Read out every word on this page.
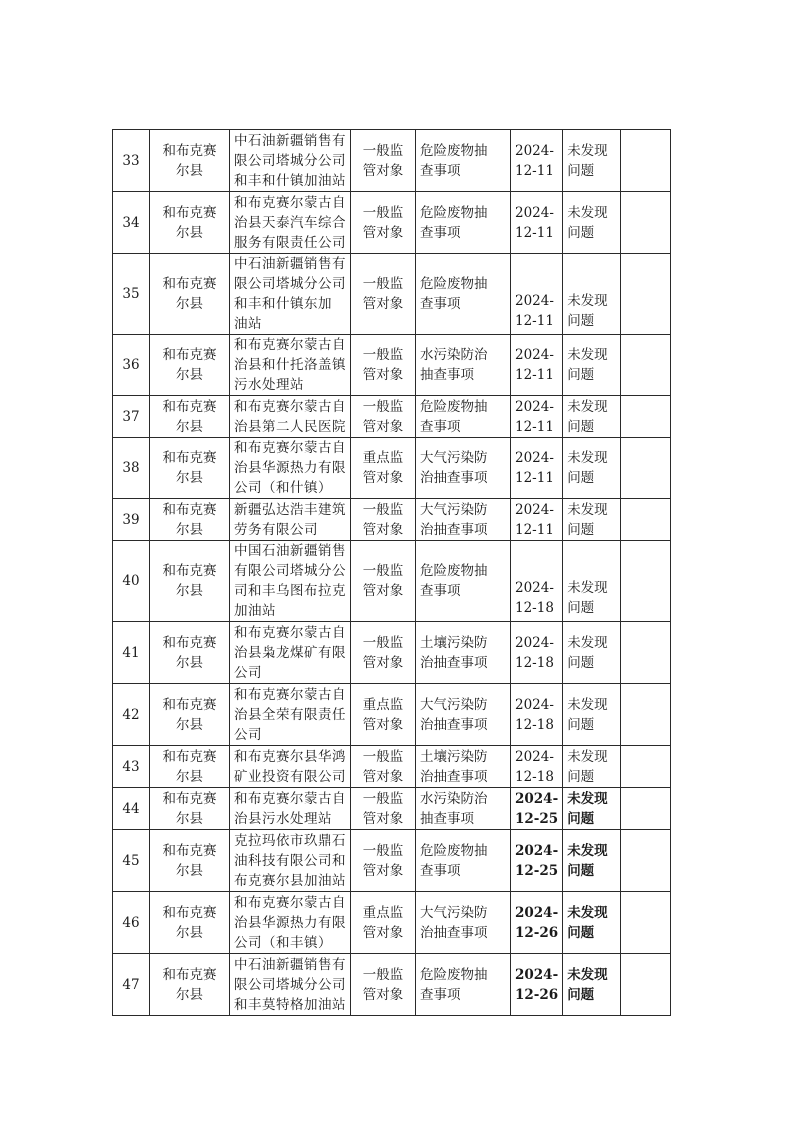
33	和布克赛
尔县	中石油新疆销售有
限公司塔城分公司
和丰和什镇加油站	一般监
管对象	危险废物抽
查事项	2024-
12-11	未发现
问题	

34	和布克赛
尔县	和布克赛尔蒙古自
治县天泰汽车综合
服务有限责任公司	一般监
管对象	危险废物抽
查事项	2024-
12-11	未发现
问题	

35	和布克赛
尔县	中石油新疆销售有
限公司塔城分公司
和丰和什镇东加
油站	一般监
管对象	危险废物抽
查事项	2024-
12-11	未发现
问题	

36	和布克赛
尔县	和布克赛尔蒙古自
治县和什托洛盖镇
污水处理站	一般监
管对象	水污染防治
抽查事项	2024-
12-11	未发现
问题	

37	和布克赛
尔县	和布克赛尔蒙古自
治县第二人民医院	一般监
管对象	危险废物抽
查事项	2024-
12-11	未发现
问题	

38	和布克赛
尔县	和布克赛尔蒙古自
治县华源热力有限
公司（和什镇）	重点监
管对象	大气污染防
治抽查事项	2024-
12-11	未发现
问题	

39	和布克赛
尔县	新疆弘达浩丰建筑
劳务有限公司	一般监
管对象	大气污染防
治抽查事项	2024-
12-11	未发现
问题	

40	和布克赛
尔县	中国石油新疆销售
有限公司塔城分公
司和丰乌图布拉克
加油站	一般监
管对象	危险废物抽
查事项	2024-
12-18	未发现
问题	

41	和布克赛
尔县	和布克赛尔蒙古自
治县枭龙煤矿有限
公司	一般监
管对象	土壤污染防
治抽查事项	2024-
12-18	未发现
问题	

42	和布克赛
尔县	和布克赛尔蒙古自
治县全荣有限责任
公司	重点监
管对象	大气污染防
治抽查事项	2024-
12-18	未发现
问题	

43	和布克赛
尔县	和布克赛尔县华鸿
矿业投资有限公司	一般监
管对象	土壤污染防
治抽查事项	2024-
12-18	未发现
问题	

44	和布克赛
尔县	和布克赛尔蒙古自
治县污水处理站	一般监
管对象	水污染防治
抽查事项	2024-
12-25	未发现
问题	

45	和布克赛
尔县	克拉玛依市玖鼎石
油科技有限公司和
布克赛尔县加油站	一般监
管对象	危险废物抽
查事项	2024-
12-25	未发现
问题	

46	和布克赛
尔县	和布克赛尔蒙古自
治县华源热力有限
公司（和丰镇）	重点监
管对象	大气污染防
治抽查事项	2024-
12-26	未发现
问题	

47	和布克赛
尔县	中石油新疆销售有
限公司塔城分公司
和丰莫特格加油站	一般监
管对象	危险废物抽
查事项	2024-
12-26	未发现
问题	
